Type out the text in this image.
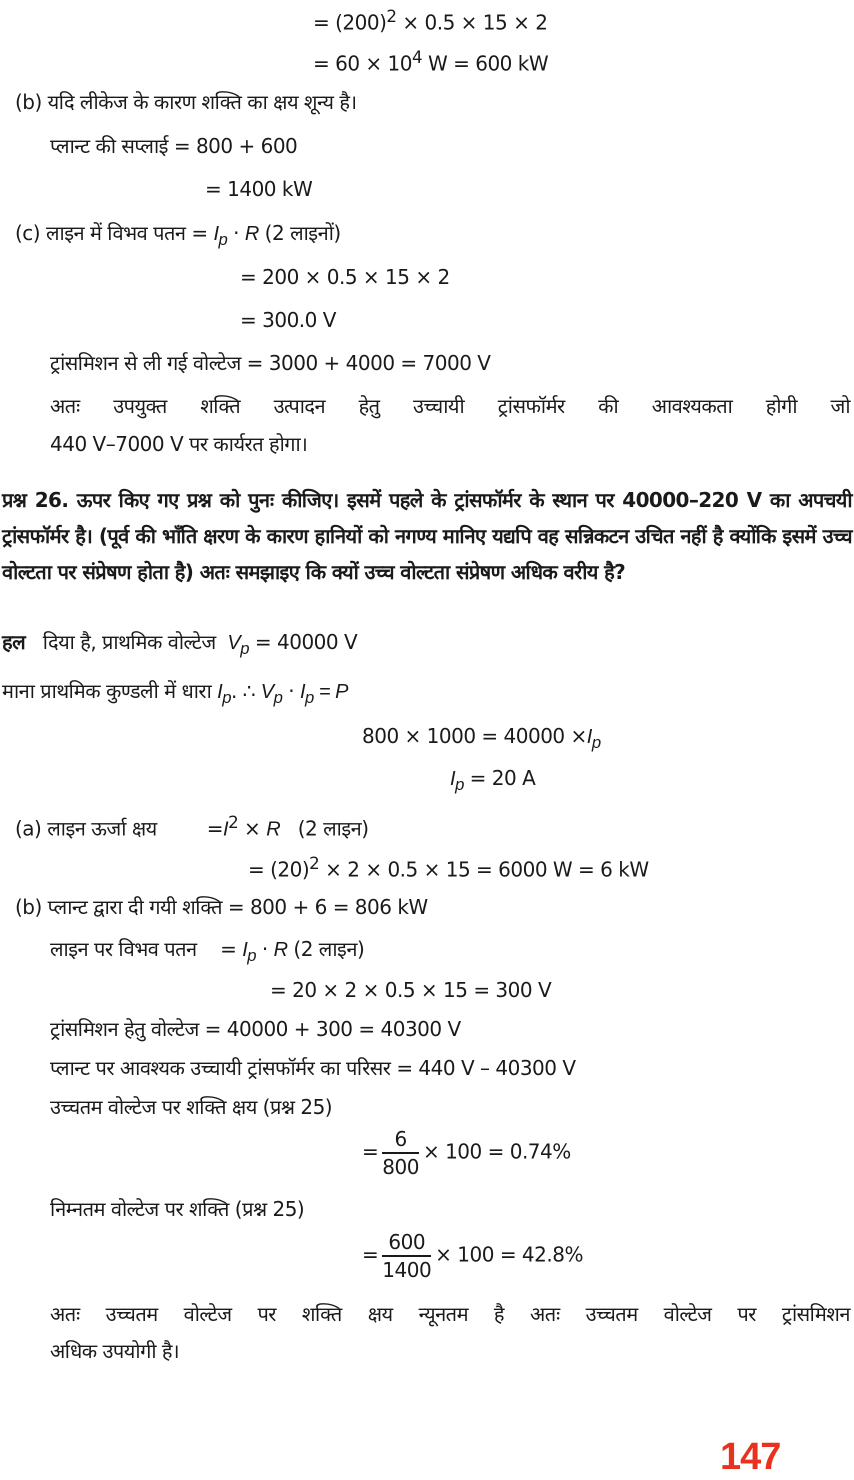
= $(200)^2 \times 0.5 \times 15 \times 2$
= $60 \times 10^4$ W = 600 kW
(b) यदि लीकेज के कारण शक्ति का क्षय शून्य है।
प्लान्ट की सप्लाई = 800 + 600
= 1400 kW
(c) लाइन में विभव पतन = $I_p \cdot R$ (2 लाइनों)
= 200 × 0.5 × 15 × 2
= 300.0 V
ट्रांसमिशन से ली गई वोल्टेज = 3000 + 4000 = 7000 V
अतः उपयुक्त शक्ति उत्पादन हेतु उच्चायी ट्रांसफॉर्मर की आवश्यकता होगी जो
440 V–7000 V पर कार्यरत होगा।
प्रश्न 26. ऊपर किए गए प्रश्न को पुनः कीजिए। इसमें पहले के ट्रांसफॉर्मर के स्थान पर 40000–220 V का अपचयी ट्रांसफॉर्मर है। (पूर्व की भाँति क्षरण के कारण हानियों को नगण्य मानिए यद्यपि वह सन्निकटन उचित नहीं है क्योंकि इसमें उच्च वोल्टता पर संप्रेषण होता है) अतः समझाइए कि क्यों उच्च वोल्टता संप्रेषण अधिक वरीय है?
हल दिया है, प्राथमिक वोल्टेज $V_p = 40000$ V
माना प्राथमिक कुण्डली में धारा $I_p$. ∴ $V_p \cdot I_p = P$
$800 \times 1000 = 40000 \times I_p$
$I_p = 20$ A
(a) लाइन ऊर्जा क्षय	$=I^2 \times R$ (2 लाइन)
= $(20)^2 \times 2 \times 0.5 \times 15 = 6000$ W = 6 kW
(b) प्लान्ट द्वारा दी गयी शक्ति = 800 + 6 = 806 kW
लाइन पर विभव पतन = $I_p \cdot R$ (2 लाइन)
= 20 × 2 × 0.5 × 15 = 300 V
ट्रांसमिशन हेतु वोल्टेज = 40000 + 300 = 40300 V
प्लान्ट पर आवश्यक उच्चायी ट्रांसफॉर्मर का परिसर = 440 V – 40300 V
उच्चतम वोल्टेज पर शक्ति क्षय (प्रश्न 25)
= $\frac{6}{800} \times 100 = 0.74\%$
निम्नतम वोल्टेज पर शक्ति (प्रश्न 25)
= $\frac{600}{1400} \times 100 = 42.8\%$
अतः उच्चतम वोल्टेज पर शक्ति क्षय न्यूनतम है अतः उच्चतम वोल्टेज पर ट्रांसमिशन
अधिक उपयोगी है।
147
